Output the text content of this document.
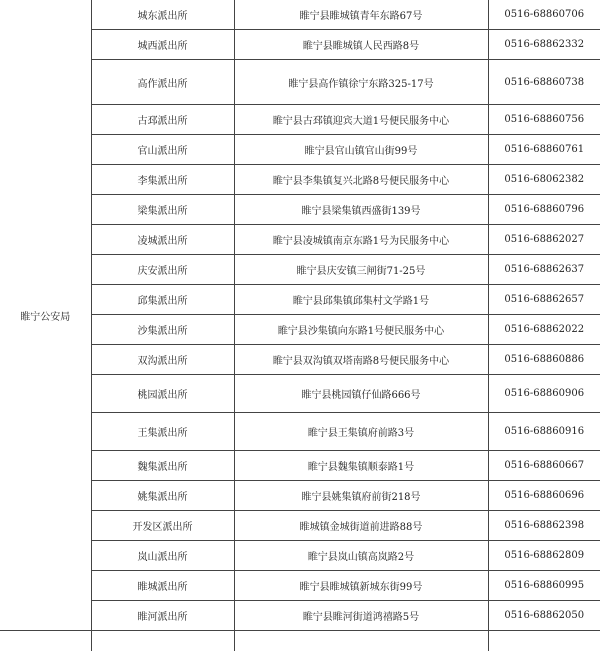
睢宁公安局	城东派出所	睢宁县睢城镇青年东路67号	0516-68860706
	城西派出所	睢宁县睢城镇人民西路8号	0516-68862332
	高作派出所	睢宁县高作镇徐宁东路325-17号	0516-68860738
	古邳派出所	睢宁县古邳镇迎宾大道1号便民服务中心	0516-68860756
	官山派出所	睢宁县官山镇官山街99号	0516-68860761
	李集派出所	睢宁县李集镇复兴北路8号便民服务中心	0516-68062382
	梁集派出所	睢宁县梁集镇西盛街139号	0516-68860796
	凌城派出所	睢宁县凌城镇南京东路1号为民服务中心	0516-68862027
	庆安派出所	睢宁县庆安镇三闸街71-25号	0516-68862637
	邱集派出所	睢宁县邱集镇邱集村文学路1号	0516-68862657
	沙集派出所	睢宁县沙集镇向东路1号便民服务中心	0516-68862022
	双沟派出所	睢宁县双沟镇双塔南路8号便民服务中心	0516-68860886
	桃园派出所	睢宁县桃园镇仔仙路666号	0516-68860906
	王集派出所	睢宁县王集镇府前路3号	0516-68860916
	魏集派出所	睢宁县魏集镇顺泰路1号	0516-68860667
	姚集派出所	睢宁县姚集镇府前街218号	0516-68860696
	开发区派出所	睢城镇金城街道前进路88号	0516-68862398
	岚山派出所	睢宁县岚山镇高岚路2号	0516-68862809
	睢城派出所	睢宁县睢城镇新城东街99号	0516-68860995
	睢河派出所	睢宁县睢河街道鸿禧路5号	0516-68862050
